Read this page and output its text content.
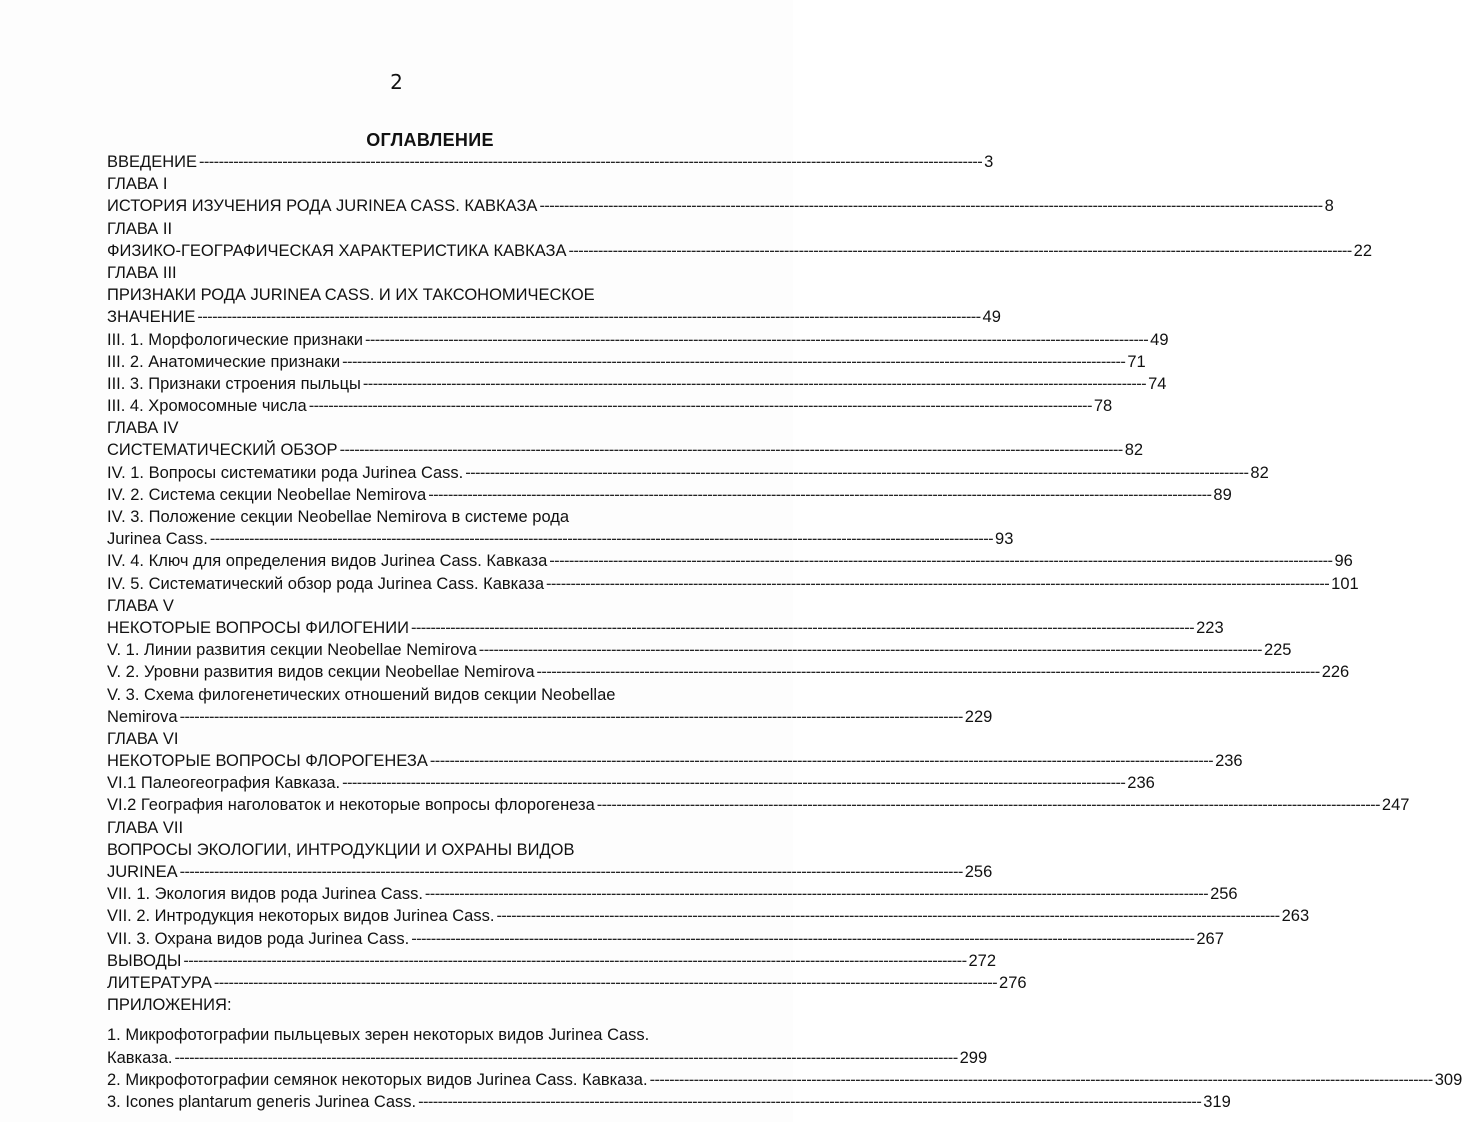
2
ОГЛАВЛЕНИЕ
ВВЕДЕНИЕ ---------------------------------------------------------------------------------------------------------------------------------------------------------------- 3
ГЛАВА I
ИСТОРИЯ ИЗУЧЕНИЯ РОДА JURINEA CASS. КАВКАЗА ---------------------------------------------------------------------------------------------------------------------------------------------------------------- 8
ГЛАВА II
ФИЗИКО-ГЕОГРАФИЧЕСКАЯ ХАРАКТЕРИСТИКА КАВКАЗА ---------------------------------------------------------------------------------------------------------------------------------------------------------------- 22
ГЛАВА III
ПРИЗНАКИ РОДА JURINEA CASS. И ИХ ТАКСОНОМИЧЕСКОЕ
ЗНАЧЕНИЕ ---------------------------------------------------------------------------------------------------------------------------------------------------------------- 49
III. 1. Морфологические признаки ---------------------------------------------------------------------------------------------------------------------------------------------------------------- 49
III. 2. Анатомические признаки ---------------------------------------------------------------------------------------------------------------------------------------------------------------- 71
III. 3. Признаки строения пыльцы ---------------------------------------------------------------------------------------------------------------------------------------------------------------- 74
III. 4. Хромосомные числа ---------------------------------------------------------------------------------------------------------------------------------------------------------------- 78
ГЛАВА IV
СИСТЕМАТИЧЕСКИЙ ОБЗОР ---------------------------------------------------------------------------------------------------------------------------------------------------------------- 82
IV. 1. Вопросы систематики рода Jurinea Cass. ---------------------------------------------------------------------------------------------------------------------------------------------------------------- 82
IV. 2. Система секции Neobellae Nemirova ---------------------------------------------------------------------------------------------------------------------------------------------------------------- 89
IV. 3. Положение секции Neobellae Nemirova в системе рода
Jurinea Cass. ---------------------------------------------------------------------------------------------------------------------------------------------------------------- 93
IV. 4. Ключ для определения видов Jurinea Cass. Кавказа ---------------------------------------------------------------------------------------------------------------------------------------------------------------- 96
IV. 5. Систематический обзор рода Jurinea Cass. Кавказа ---------------------------------------------------------------------------------------------------------------------------------------------------------------- 101
ГЛАВА V
НЕКОТОРЫЕ ВОПРОСЫ ФИЛОГЕНИИ ---------------------------------------------------------------------------------------------------------------------------------------------------------------- 223
V. 1. Линии развития секции Neobellae Nemirova ---------------------------------------------------------------------------------------------------------------------------------------------------------------- 225
V. 2. Уровни развития видов секции Neobellae Nemirova ---------------------------------------------------------------------------------------------------------------------------------------------------------------- 226
V. 3. Схема филогенетических отношений видов секции Neobellae
Nemirova ---------------------------------------------------------------------------------------------------------------------------------------------------------------- 229
ГЛАВА VI
НЕКОТОРЫЕ ВОПРОСЫ ФЛОРОГЕНЕЗА ---------------------------------------------------------------------------------------------------------------------------------------------------------------- 236
VI.1 Палеогеография Кавказа. ---------------------------------------------------------------------------------------------------------------------------------------------------------------- 236
VI.2 География наголоваток и некоторые вопросы флорогенеза ---------------------------------------------------------------------------------------------------------------------------------------------------------------- 247
ГЛАВА VII
ВОПРОСЫ ЭКОЛОГИИ, ИНТРОДУКЦИИ И ОХРАНЫ ВИДОВ
JURINEA ---------------------------------------------------------------------------------------------------------------------------------------------------------------- 256
VII. 1. Экология видов рода Jurinea Cass. ---------------------------------------------------------------------------------------------------------------------------------------------------------------- 256
VII. 2. Интродукция некоторых видов Jurinea Cass. ---------------------------------------------------------------------------------------------------------------------------------------------------------------- 263
VII. 3. Охрана видов рода Jurinea Cass. ---------------------------------------------------------------------------------------------------------------------------------------------------------------- 267
ВЫВОДЫ ---------------------------------------------------------------------------------------------------------------------------------------------------------------- 272
ЛИТЕРАТУРА ---------------------------------------------------------------------------------------------------------------------------------------------------------------- 276
ПРИЛОЖЕНИЯ:
1. Микрофотографии пыльцевых зерен некоторых видов Jurinea Cass.
Кавказа. ---------------------------------------------------------------------------------------------------------------------------------------------------------------- 299
2. Микрофотографии семянок некоторых видов Jurinea Cass. Кавказа. ---------------------------------------------------------------------------------------------------------------------------------------------------------------- 309
3. Icones plantarum generis Jurinea Cass. ---------------------------------------------------------------------------------------------------------------------------------------------------------------- 319
